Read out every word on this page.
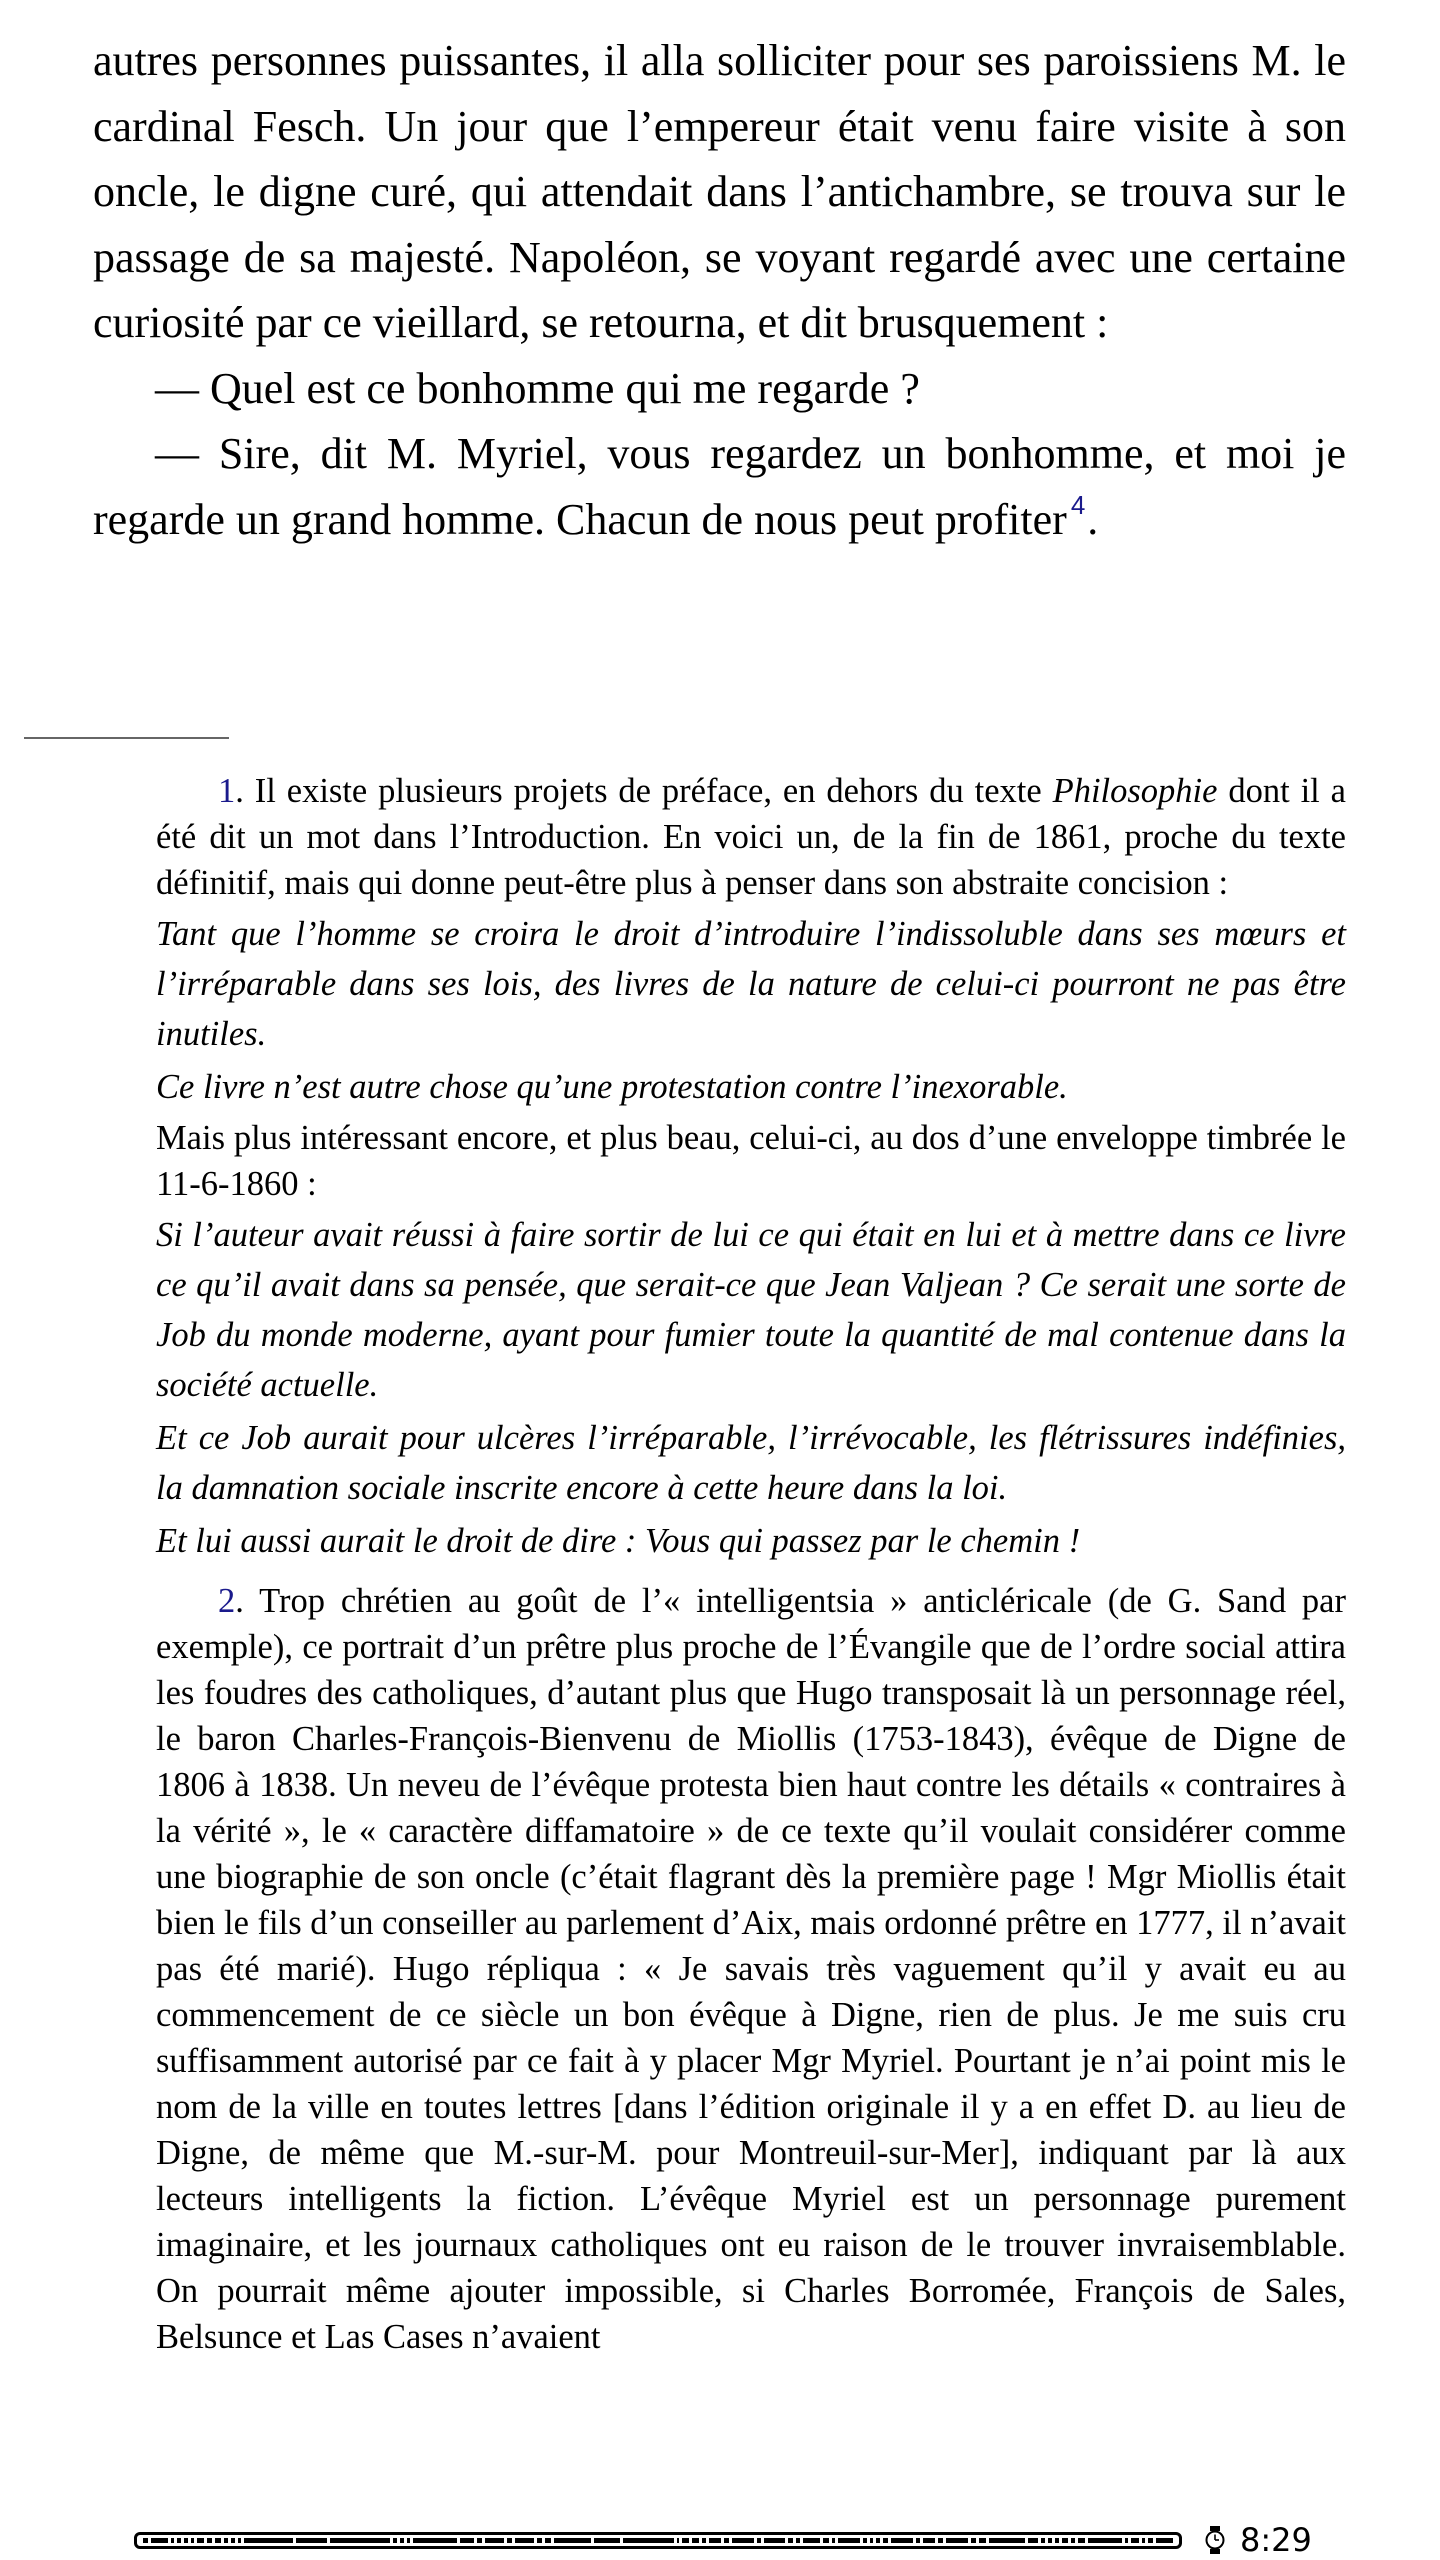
autres personnes puissantes, il alla solliciter pour ses paroissiens M. le cardinal Fesch. Un jour que l’empereur était venu faire visite à son oncle, le digne curé, qui attendait dans l’antichambre, se trouva sur le passage de sa majesté. Napoléon, se voyant regardé avec une certaine curiosité par ce vieillard, se retourna, et dit brusquement :

— Quel est ce bonhomme qui me regarde ?

— Sire, dit M. Myriel, vous regardez un bonhomme, et moi je regarde un grand homme. Chacun de nous peut profiter $^4$.

1. Il existe plusieurs projets de préface, en dehors du texte Philosophie dont il a été dit un mot dans l’Introduction. En voici un, de la fin de 1861, proche du texte définitif, mais qui donne peut-être plus à penser dans son abstraite concision :

Tant que l’homme se croira le droit d’introduire l’indissoluble dans ses mœurs et l’irréparable dans ses lois, des livres de la nature de celui-ci pourront ne pas être inutiles.

Ce livre n’est autre chose qu’une protestation contre l’inexorable.

Mais plus intéressant encore, et plus beau, celui-ci, au dos d’une enveloppe timbrée le 11-6-1860 :

Si l’auteur avait réussi à faire sortir de lui ce qui était en lui et à mettre dans ce livre ce qu’il avait dans sa pensée, que serait-ce que Jean Valjean ? Ce serait une sorte de Job du monde moderne, ayant pour fumier toute la quantité de mal contenue dans la société actuelle.

Et ce Job aurait pour ulcères l’irréparable, l’irrévocable, les flétrissures indéfinies, la damnation sociale inscrite encore à cette heure dans la loi.

Et lui aussi aurait le droit de dire : Vous qui passez par le chemin !

2. Trop chrétien au goût de l’« intelligentsia » anticléricale (de G. Sand par exemple), ce portrait d’un prêtre plus proche de l’Évangile que de l’ordre social attira les foudres des catholiques, d’autant plus que Hugo transposait là un personnage réel, le baron Charles-François-Bienvenu de Miollis (1753-1843), évêque de Digne de 1806 à 1838. Un neveu de l’évêque protesta bien haut contre les détails « contraires à la vérité », le « caractère diffamatoire » de ce texte qu’il voulait considérer comme une biographie de son oncle (c’était flagrant dès la première page ! Mgr Miollis était bien le fils d’un conseiller au parlement d’Aix, mais ordonné prêtre en 1777, il n’avait pas été marié). Hugo répliqua : « Je savais très vaguement qu’il y avait eu au commencement de ce siècle un bon évêque à Digne, rien de plus. Je me suis cru suffisamment autorisé par ce fait à y placer Mgr Myriel. Pourtant je n’ai point mis le nom de la ville en toutes lettres [dans l’édition originale il y a en effet D. au lieu de Digne, de même que M.-sur-M. pour Montreuil-sur-Mer], indiquant par là aux lecteurs intelligents la fiction. L’évêque Myriel est un personnage purement imaginaire, et les journaux catholiques ont eu raison de le trouver invraisemblable. On pourrait même ajouter impossible, si Charles Borromée, François de Sales, Belsunce et Las Cases n’avaient

8:29
